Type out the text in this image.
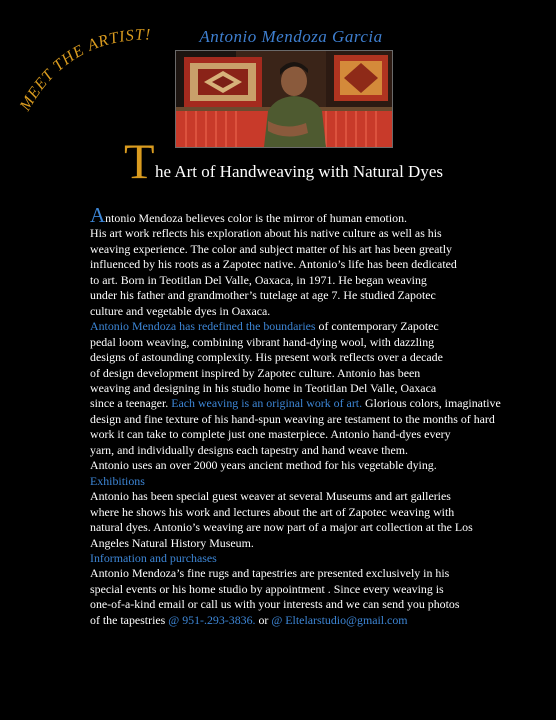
MEET THE ARTIST!	Antonio Mendoza Garcia
T he Art of Handweaving with Natural Dyes
Antonio Mendoza believes color is the mirror of human emotion.
His art work reflects his exploration about his native culture as well as his
weaving experience. The color and subject matter of his art has been greatly
influenced by his roots as a Zapotec native. Antonio’s life has been dedicated
to art. Born in Teotitlan Del Valle, Oaxaca, in 1971. He began weaving
under his father and grandmother’s tutelage at age 7. He studied Zapotec
culture and vegetable dyes in Oaxaca.
Antonio Mendoza has redefined the boundaries of contemporary Zapotec
pedal loom weaving, combining vibrant hand-dying wool, with dazzling
designs of astounding complexity. His present work reflects over a decade
of design development inspired by Zapotec culture. Antonio has been
weaving and designing in his studio home in Teotitlan Del Valle, Oaxaca
since a teenager. Each weaving is an original work of art. Glorious colors, imaginative
design and fine texture of his hand-spun weaving are testament to the months of hard
work it can take to complete just one masterpiece. Antonio hand-dyes every
yarn, and individually designs each tapestry and hand weave them.
Antonio uses an over 2000 years ancient method for his vegetable dying.
Exhibitions
Antonio has been special guest weaver at several Museums and art galleries
where he shows his work and lectures about the art of Zapotec weaving with
natural dyes. Antonio’s weaving are now part of a major art collection at the Los
Angeles Natural History Museum.
Information and purchases
Antonio Mendoza’s fine rugs and tapestries are presented exclusively in his
special events or his home studio by appointment . Since every weaving is
one-of-a-kind email or call us with your interests and we can send you photos
of the tapestries @ 951-.293-3836. or @ Eltelarstudio@gmail.com
